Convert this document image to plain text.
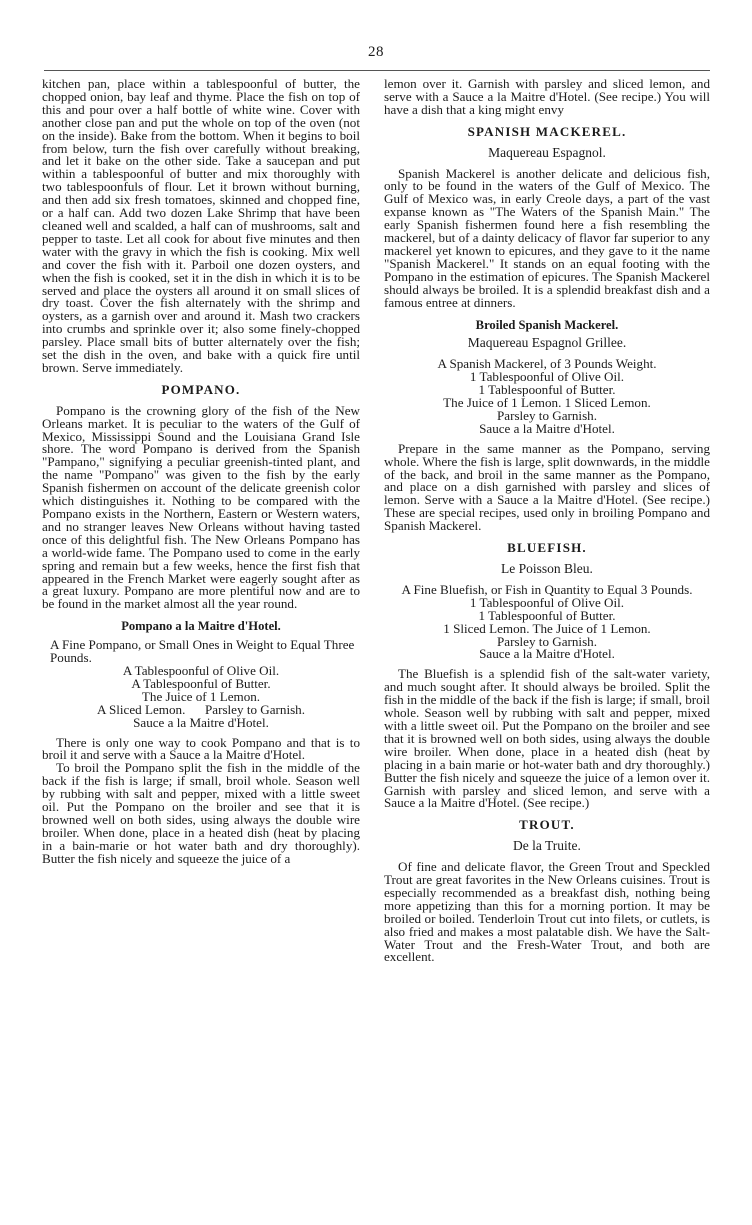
28

kitchen pan, place within a tablespoonful of butter, the chopped onion, bay leaf and thyme. Place the fish on top of this and pour over a half bottle of white wine. Cover with another close pan and put the whole on top of the oven (not on the inside). Bake from the bottom. When it begins to boil from below, turn the fish over carefully without breaking, and let it bake on the other side. Take a saucepan and put within a tablespoonful of butter and mix thoroughly with two tablespoonfuls of flour. Let it brown without burning, and then add six fresh tomatoes, skinned and chopped fine, or a half can. Add two dozen Lake Shrimp that have been cleaned well and scalded, a half can of mushrooms, salt and pepper to taste. Let all cook for about five minutes and then water with the gravy in which the fish is cooking. Mix well and cover the fish with it. Parboil one dozen oysters, and when the fish is cooked, set it in the dish in which it is to be served and place the oysters all around it on small slices of dry toast. Cover the fish alternately with the shrimp and oysters, as a garnish over and around it. Mash two crackers into crumbs and sprinkle over it; also some finely-chopped parsley. Place small bits of butter alternately over the fish; set the dish in the oven, and bake with a quick fire until brown. Serve immediately.

POMPANO.

Pompano is the crowning glory of the fish of the New Orleans market. It is peculiar to the waters of the Gulf of Mexico, Mississippi Sound and the Louisiana Grand Isle shore. The word Pompano is derived from the Spanish "Pampano," signifying a peculiar greenish-tinted plant, and the name "Pompano" was given to the fish by the early Spanish fishermen on account of the delicate greenish color which distinguishes it. Nothing to be compared with the Pompano exists in the Northern, Eastern or Western waters, and no stranger leaves New Orleans without having tasted once of this delightful fish. The New Orleans Pompano has a world-wide fame. The Pompano used to come in the early spring and remain but a few weeks, hence the first fish that appeared in the French Market were eagerly sought after as a great luxury. Pompano are more plentiful now and are to be found in the market almost all the year round.

Pompano a la Maitre d'Hotel.
A Fine Pompano, or Small Ones in Weight to Equal Three Pounds.
A Tablespoonful of Olive Oil.
A Tablespoonful of Butter.
The Juice of 1 Lemon.
A Sliced Lemon.      Parsley to Garnish.
Sauce a la Maitre d'Hotel.

There is only one way to cook Pompano and that is to broil it and serve with a Sauce a la Maitre d'Hotel.

To broil the Pompano split the fish in the middle of the back if the fish is large; if small, broil whole. Season well by rubbing with salt and pepper, mixed with a little sweet oil. Put the Pompano on the broiler and see that it is browned well on both sides, using always the double wire broiler. When done, place in a heated dish (heat by placing in a bain-marie or hot water bath and dry thoroughly). Butter the fish nicely and squeeze the juice of a

lemon over it. Garnish with parsley and sliced lemon, and serve with a Sauce a la Maitre d'Hotel. (See recipe.) You will have a dish that a king might envy

SPANISH MACKEREL.
Maquereau Espagnol.

Spanish Mackerel is another delicate and delicious fish, only to be found in the waters of the Gulf of Mexico. The Gulf of Mexico was, in early Creole days, a part of the vast expanse known as "The Waters of the Spanish Main." The early Spanish fishermen found here a fish resembling the mackerel, but of a dainty delicacy of flavor far superior to any mackerel yet known to epicures, and they gave to it the name "Spanish Mackerel." It stands on an equal footing with the Pompano in the estimation of epicures. The Spanish Mackerel should always be broiled. It is a splendid breakfast dish and a famous entree at dinners.

Broiled Spanish Mackerel.
Maquereau Espagnol Grillee.
A Spanish Mackerel, of 3 Pounds Weight.
1 Tablespoonful of Olive Oil.
1 Tablespoonful of Butter.
The Juice of 1 Lemon. 1 Sliced Lemon.
Parsley to Garnish.
Sauce a la Maitre d'Hotel.

Prepare in the same manner as the Pompano, serving whole. Where the fish is large, split downwards, in the middle of the back, and broil in the same manner as the Pompano, and place on a dish garnished with parsley and slices of lemon. Serve with a Sauce a la Maitre d'Hotel. (See recipe.) These are special recipes, used only in broiling Pompano and Spanish Mackerel.

BLUEFISH.
Le Poisson Bleu.
A Fine Bluefish, or Fish in Quantity to Equal 3 Pounds.
1 Tablespoonful of Olive Oil.
1 Tablespoonful of Butter.
1 Sliced Lemon. The Juice of 1 Lemon.
Parsley to Garnish.
Sauce a la Maitre d'Hotel.

The Bluefish is a splendid fish of the salt-water variety, and much sought after. It should always be broiled. Split the fish in the middle of the back if the fish is large; if small, broil whole. Season well by rubbing with salt and pepper, mixed with a little sweet oil. Put the Pompano on the broiler and see that it is browned well on both sides, using always the double wire broiler. When done, place in a heated dish (heat by placing in a bain marie or hot-water bath and dry thoroughly.) Butter the fish nicely and squeeze the juice of a lemon over it. Garnish with parsley and sliced lemon, and serve with a Sauce a la Maitre d'Hotel. (See recipe.)

TROUT.
De la Truite.

Of fine and delicate flavor, the Green Trout and Speckled Trout are great favorites in the New Orleans cuisines. Trout is especially recommended as a breakfast dish, nothing being more appetizing than this for a morning portion. It may be broiled or boiled. Tenderloin Trout cut into filets, or cutlets, is also fried and makes a most palatable dish. We have the Salt-Water Trout and the Fresh-Water Trout, and both are excellent.
